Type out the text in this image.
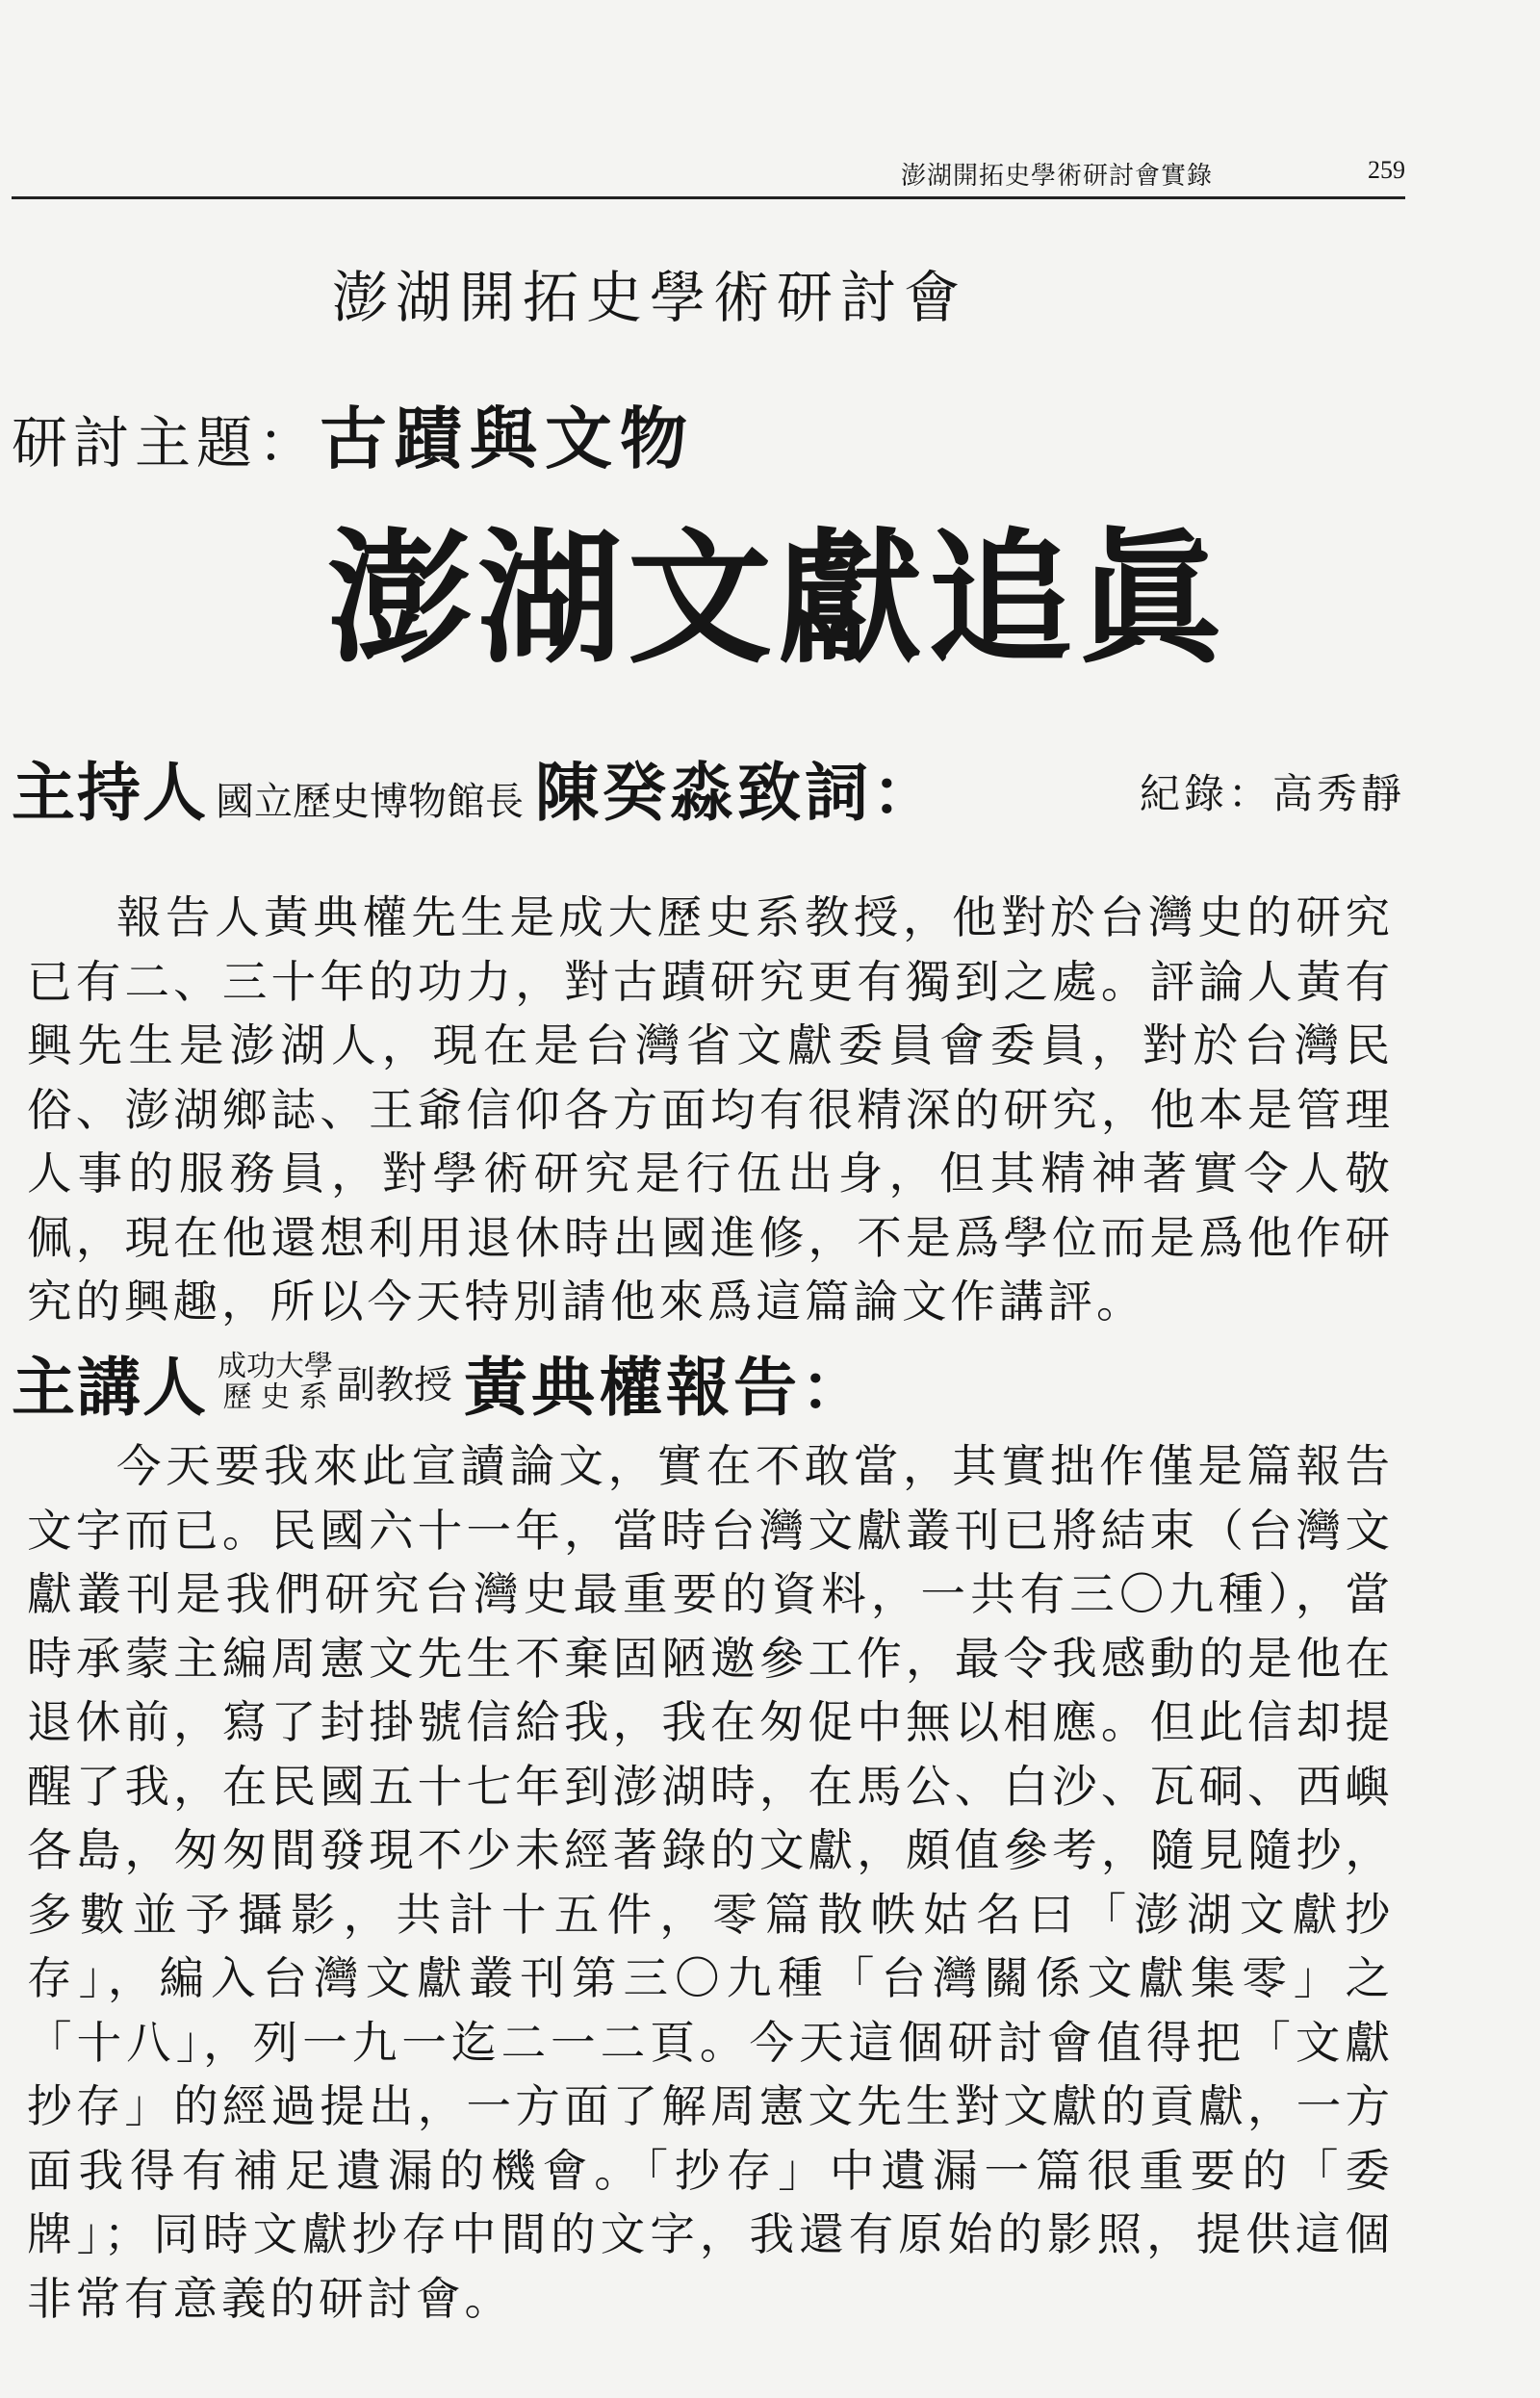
澎湖開拓史學術研討會實錄	259
澎湖開拓史學術研討會
研討主題：古蹟與文物
澎湖文獻追眞
主持人 國立歷史博物館長 陳癸淼致詞：	紀錄：高秀靜

報告人黃典權先生是成大歷史系教授，他對於台灣史的研究已有二、三十年的功力，對古蹟研究更有獨到之處。評論人黃有興先生是澎湖人，現在是台灣省文獻委員會委員，對於台灣民俗、澎湖鄉誌、王爺信仰各方面均有很精深的研究，他本是管理人事的服務員，對學術研究是行伍出身，但其精神著實令人敬佩，現在他還想利用退休時出國進修，不是爲學位而是爲他作研究的興趣，所以今天特別請他來爲這篇論文作講評。

主講人 成功大學
歷 史 系 副教授 黃典權報告：

今天要我來此宣讀論文，實在不敢當，其實拙作僅是篇報告文字而已。民國六十一年，當時台灣文獻叢刊已將結束（台灣文獻叢刊是我們研究台灣史最重要的資料，一共有三〇九種），當時承蒙主編周憲文先生不棄固陋邀參工作，最令我感動的是他在退休前，寫了封掛號信給我，我在匆促中無以相應。但此信却提醒了我，在民國五十七年到澎湖時，在馬公、白沙、瓦硐、西嶼各島，匆匆間發現不少未經著錄的文獻，頗值參考，隨見隨抄，多數並予攝影，共計十五件，零篇散帙姑名曰「澎湖文獻抄存」，編入台灣文獻叢刊第三〇九種「台灣關係文獻集零」之「十八」，列一九一迄二一二頁。今天這個研討會值得把「文獻抄存」的經過提出，一方面了解周憲文先生對文獻的貢獻，一方面我得有補足遺漏的機會。「抄存」中遺漏一篇很重要的「委牌」；同時文獻抄存中間的文字，我還有原始的影照，提供這個非常有意義的研討會。
